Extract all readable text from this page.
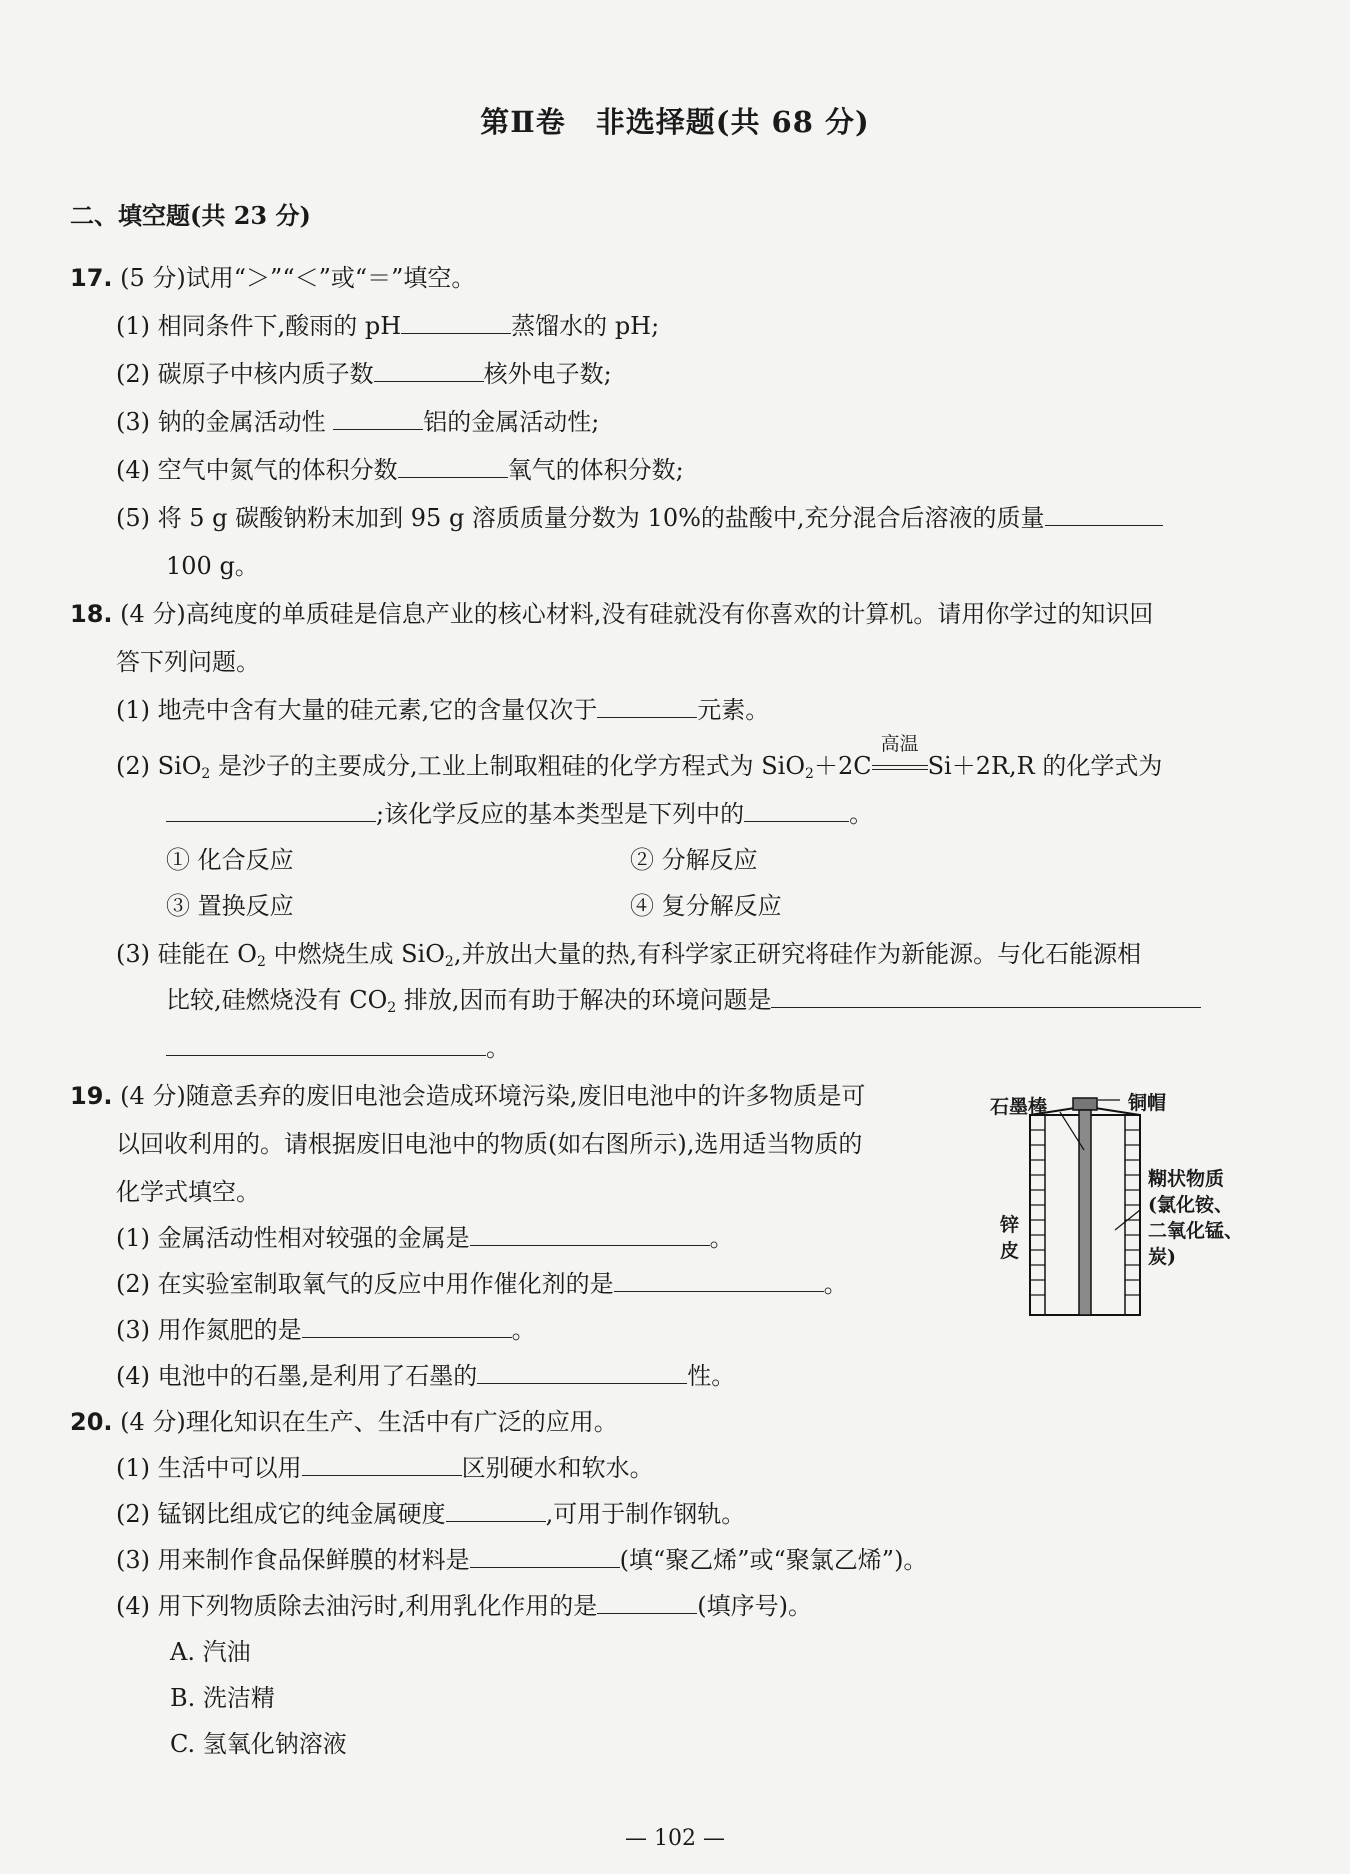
第Ⅱ卷　非选择题(共 68 分)
二、填空题(共 23 分)
17. (5 分)试用“＞”“＜”或“＝”填空。
(1) 相同条件下,酸雨的 pH	蒸馏水的 pH;
(2) 碳原子中核内质子数	核外电子数;
(3) 钠的金属活动性	铝的金属活动性;
(4) 空气中氮气的体积分数	氧气的体积分数;
(5) 将 5 g 碳酸钠粉末加到 95 g 溶质质量分数为 10%的盐酸中,充分混合后溶液的质量
100 g。
18. (4 分)高纯度的单质硅是信息产业的核心材料,没有硅就没有你喜欢的计算机。请用你学过的知识回
答下列问题。
(1) 地壳中含有大量的硅元素,它的含量仅次于	元素。
(2) SiO$_2$ 是沙子的主要成分,工业上制取粗硅的化学方程式为 SiO$_2$＋2C
高温
Si＋2R,R 的化学式为
;该化学反应的基本类型是下列中的	。
① 化合反应	② 分解反应
③ 置换反应	④ 复分解反应
(3) 硅能在 $O_2$ 中燃烧生成 SiO$_2$,并放出大量的热,有科学家正研究将硅作为新能源。与化石能源相
比较,硅燃烧没有 $CO_2$ 排放,因而有助于解决的环境问题是
。
19. (4 分)随意丢弃的废旧电池会造成环境污染,废旧电池中的许多物质是可
以回收利用的。请根据废旧电池中的物质(如右图所示),选用适当物质的
化学式填空。
(1) 金属活动性相对较强的金属是	。
(2) 在实验室制取氧气的反应中用作催化剂的是	。
(3) 用作氮肥的是	。
(4) 电池中的石墨,是利用了石墨的	性。
石墨棒	铜帽
糊状物质
(氯化铵、
二氧化锰、
炭)
锌
皮
20. (4 分)理化知识在生产、生活中有广泛的应用。
(1) 生活中可以用	区别硬水和软水。
(2) 锰钢比组成它的纯金属硬度	,可用于制作钢轨。
(3) 用来制作食品保鲜膜的材料是	(填“聚乙烯”或“聚氯乙烯”)。
(4) 用下列物质除去油污时,利用乳化作用的是	(填序号)。
A. 汽油
B. 洗洁精
C. 氢氧化钠溶液
— 102 —
